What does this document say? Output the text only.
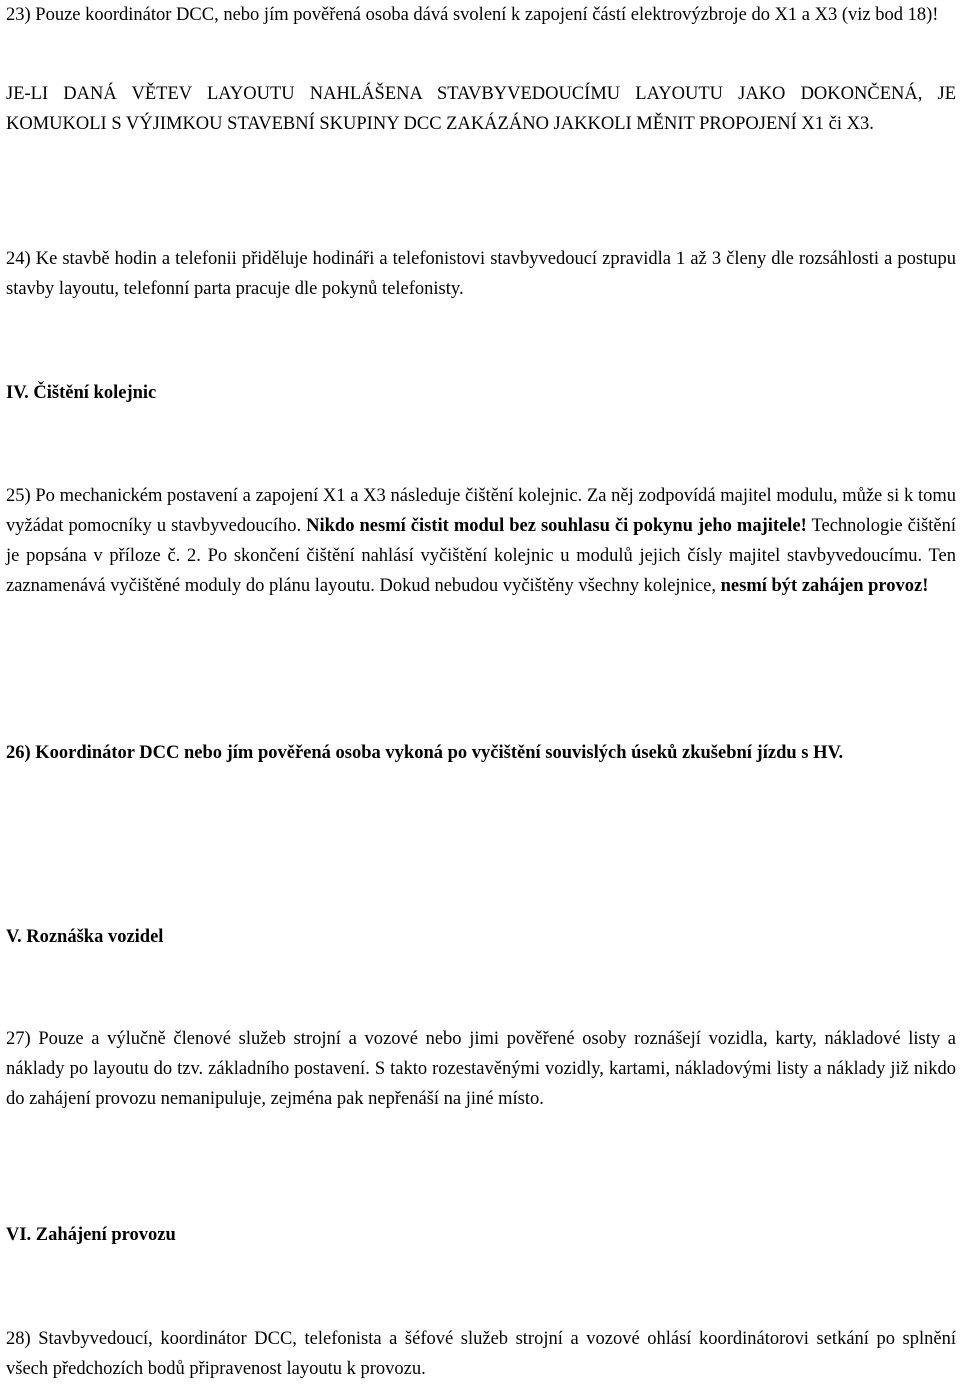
23) Pouze koordinátor DCC, nebo jím pověřená osoba dává svolení k zapojení částí elektrovýzbroje do X1 a X3 (viz bod 18)!

JE-LI DANÁ VĚTEV LAYOUTU NAHLÁŠENA STAVBYVEDOUCÍMU LAYOUTU JAKO DOKONČENÁ, JE KOMUKOLI S VÝJIMKOU STAVEBNÍ SKUPINY DCC ZAKÁZÁNO JAKKOLI MĚNIT PROPOJENÍ X1 či X3.

24) Ke stavbě hodin a telefonii přiděluje hodináři a telefonistovi stavbyvedoucí zpravidla 1 až 3 členy dle rozsáhlosti a postupu stavby layoutu, telefonní parta pracuje dle pokynů telefonisty.

IV. Čištění kolejnic

25) Po mechanickém postavení a zapojení X1 a X3 následuje čištění kolejnic. Za něj zodpovídá majitel modulu, může si k tomu vyžádat pomocníky u stavbyvedoucího. Nikdo nesmí čistit modul bez souhlasu či pokynu jeho majitele! Technologie čištění je popsána v příloze č. 2. Po skončení čištění nahlásí vyčištění kolejnic u modulů jejich čísly majitel stavbyvedoucímu. Ten zaznamenává vyčištěné moduly do plánu layoutu. Dokud nebudou vyčištěny všechny kolejnice, nesmí být zahájen provoz!

26) Koordinátor DCC nebo jím pověřená osoba vykoná po vyčištění souvislých úseků zkušební jízdu s HV.

V. Roznáška vozidel

27) Pouze a výlučně členové služeb strojní a vozové nebo jimi pověřené osoby roznášejí vozidla, karty, nákladové listy a náklady po layoutu do tzv. základního postavení. S takto rozestavěnými vozidly, kartami, nákladovými listy a náklady již nikdo do zahájení provozu nemanipuluje, zejména pak nepřenáší na jiné místo.

VI. Zahájení provozu

28) Stavbyvedoucí, koordinátor DCC, telefonista a šéfové služeb strojní a vozové ohlásí koordinátorovi setkání po splnění všech předchozích bodů připravenost layoutu k provozu.
